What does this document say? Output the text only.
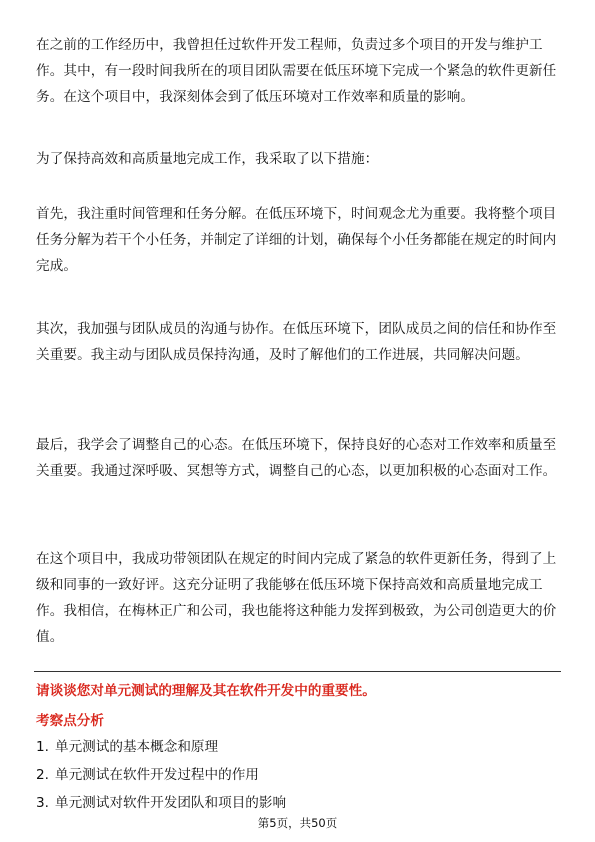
在之前的工作经历中，我曾担任过软件开发工程师，负责过多个项目的开发与维护工作。其中，有一段时间我所在的项目团队需要在低压环境下完成一个紧急的软件更新任务。在这个项目中，我深刻体会到了低压环境对工作效率和质量的影响。

为了保持高效和高质量地完成工作，我采取了以下措施：

首先，我注重时间管理和任务分解。在低压环境下，时间观念尤为重要。我将整个项目任务分解为若干个小任务，并制定了详细的计划，确保每个小任务都能在规定的时间内完成。

其次，我加强与团队成员的沟通与协作。在低压环境下，团队成员之间的信任和协作至关重要。我主动与团队成员保持沟通，及时了解他们的工作进展，共同解决问题。

最后，我学会了调整自己的心态。在低压环境下，保持良好的心态对工作效率和质量至关重要。我通过深呼吸、冥想等方式，调整自己的心态，以更加积极的心态面对工作。

在这个项目中，我成功带领团队在规定的时间内完成了紧急的软件更新任务，得到了上级和同事的一致好评。这充分证明了我能够在低压环境下保持高效和高质量地完成工作。我相信，在梅林正广和公司，我也能将这种能力发挥到极致，为公司创造更大的价值。

请谈谈您对单元测试的理解及其在软件开发中的重要性。

考察点分析

1. 单元测试的基本概念和原理

2. 单元测试在软件开发过程中的作用

3. 单元测试对软件开发团队和项目的影响

第5页，共50页
